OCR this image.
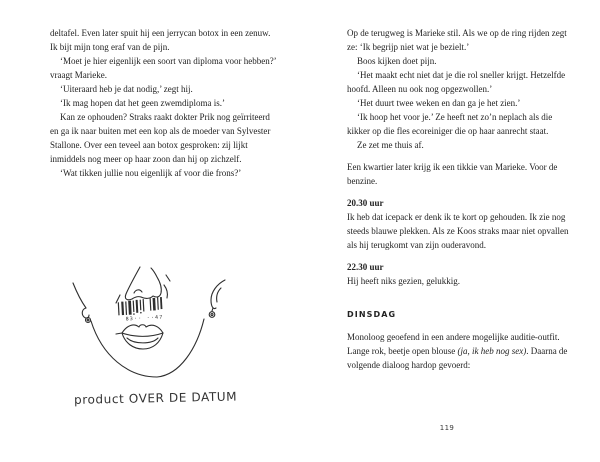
deltafel. Even later spuit hij een jerrycan botox in een zenuw. Ik bijt mijn tong eraf van de pijn.

‘Moet je hier eigenlijk een soort van diploma voor hebben?’ vraagt Marieke.

‘Uiteraard heb je dat nodig,’ zegt hij.

‘Ik mag hopen dat het geen zwemdiploma is.’

Kan ze ophouden? Straks raakt dokter Prik nog geïrriteerd en ga ik naar buiten met een kop als de moeder van Sylvester Stallone. Over een teveel aan botox gesproken: zij lijkt inmiddels nog meer op haar zoon dan hij op zichzelf.

‘Wat tikken jullie nou eigenlijk af voor die frons?’

83·· ··47
product OVER DE DATUM

Op de terugweg is Marieke stil. Als we op de ring rijden zegt ze: ‘Ik begrijp niet wat je bezielt.’

Boos kijken doet pijn.

‘Het maakt echt niet dat je die rol sneller krijgt. Hetzelfde hoofd. Alleen nu ook nog opgezwollen.’

‘Het duurt twee weken en dan ga je het zien.’

‘Ik hoop het voor je.’ Ze heeft net zo’n neplach als die kikker op die fles ecoreiniger die op haar aanrecht staat.

Ze zet me thuis af.

Een kwartier later krijg ik een tikkie van Marieke. Voor de benzine.

20.30 uur

Ik heb dat icepack er denk ik te kort op gehouden. Ik zie nog steeds blauwe plekken. Als ze Koos straks maar niet opvallen als hij terugkomt van zijn ouderavond.

22.30 uur

Hij heeft niks gezien, gelukkig.

DINSDAG

Monoloog geoefend in een andere mogelijke auditie-outfit. Lange rok, beetje open blouse (ja, ik heb nog sex). Daarna de volgende dialoog hardop gevoerd:

119
